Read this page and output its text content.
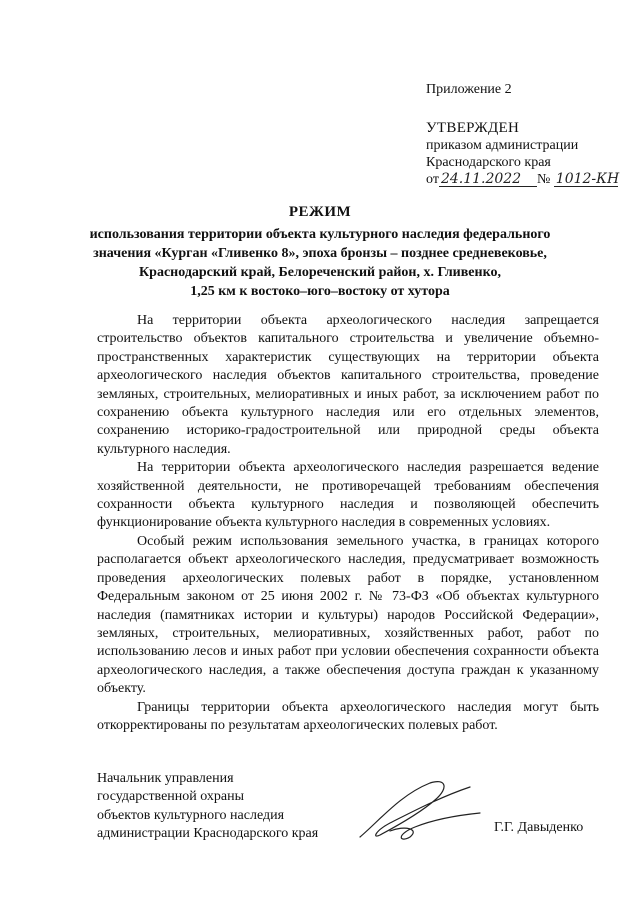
Приложение 2
УТВЕРЖДЕН
приказом администрации
Краснодарского края
от 24.11.2022 № 1012-КН
РЕЖИМ
использования территории объекта культурного наследия федерального
значения «Курган «Гливенко 8», эпоха бронзы – позднее средневековье,
Краснодарский край, Белореченский район, х. Гливенко,
1,25 км к востоко–юго–востоку от хутора

На территории объекта археологического наследия запрещается строительство объектов капитального строительства и увеличение объемно-пространственных характеристик существующих на территории объекта археологического наследия объектов капитального строительства, проведение земляных, строительных, мелиоративных и иных работ, за исключением работ по сохранению объекта культурного наследия или его отдельных элементов, сохранению историко-градостроительной или природной среды объекта культурного наследия.

На территории объекта археологического наследия разрешается ведение хозяйственной деятельности, не противоречащей требованиям обеспечения сохранности объекта культурного наследия и позволяющей обеспечить функционирование объекта культурного наследия в современных условиях.

Особый режим использования земельного участка, в границах которого располагается объект археологического наследия, предусматривает возможность проведения археологических полевых работ в порядке, установленном Федеральным законом от 25 июня 2002 г. № 73-ФЗ «Об объектах культурного наследия (памятниках истории и культуры) народов Российской Федерации», земляных, строительных, мелиоративных, хозяйственных работ, работ по использованию лесов и иных работ при условии обеспечения сохранности объекта археологического наследия, а также обеспечения доступа граждан к указанному объекту.

Границы территории объекта археологического наследия могут быть откорректированы по результатам археологических полевых работ.

Начальник управления
государственной охраны
объектов культурного наследия
администрации Краснодарского края	Г.Г. Давыденко
